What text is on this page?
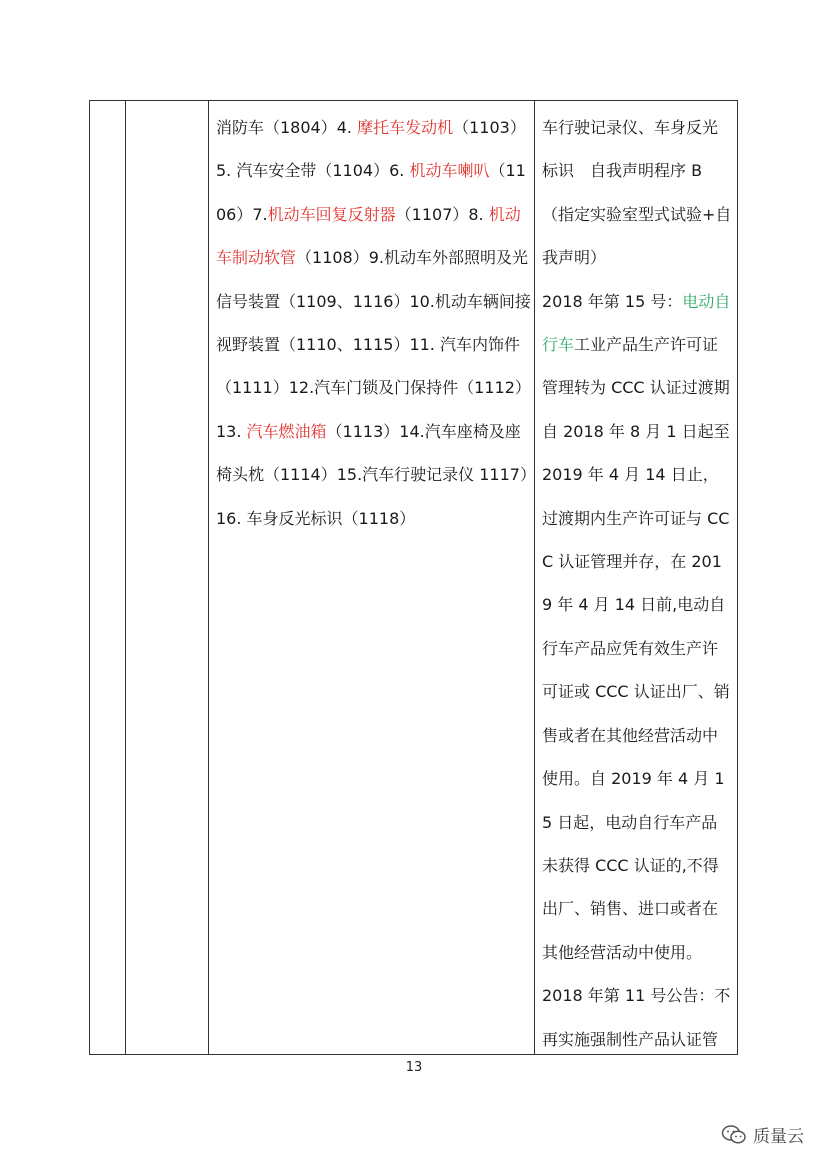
消防车（1804）4. 摩托车发动机（1103）5. 汽车安全带（1104）6. 机动车喇叭（1106）7.机动车回复反射器（1107）8. 机动车制动软管（1108）9.机动车外部照明及光信号装置（1109、1116）10.机动车辆间接视野装置（1110、1115）11. 汽车内饰件（1111）12.汽车门锁及门保持件（1112）13. 汽车燃油箱（1113）14.汽车座椅及座椅头枕（1114）15.汽车行驶记录仪 1117）16. 车身反光标识（1118）
车行驶记录仪、车身反光标识　自我声明程序 B （指定实验室型式试验+自我声明）
2018 年第 15 号：电动自行车工业产品生产许可证管理转为 CCC 认证过渡期自 2018 年 8 月 1 日起至 2019 年 4 月 14 日止，过渡期内生产许可证与 CCC 认证管理并存，在 2019 年 4 月 14 日前,电动自行车产品应凭有效生产许可证或 CCC 认证出厂、销售或者在其他经营活动中使用。自 2019 年 4 月 15 日起，电动自行车产品未获得 CCC 认证的,不得出厂、销售、进口或者在其他经营活动中使用。
2018 年第 11 号公告：不再实施强制性产品认证管
13
质量云
